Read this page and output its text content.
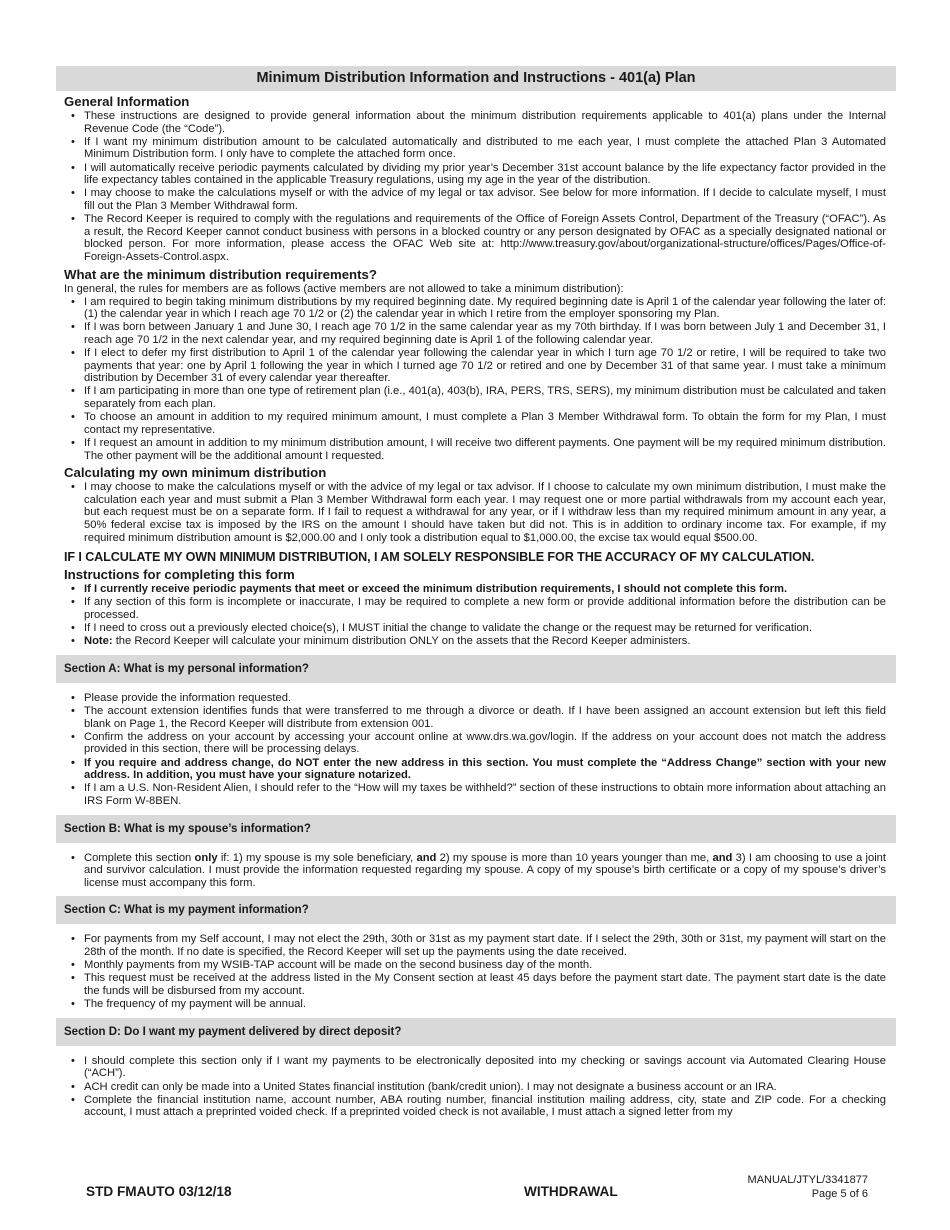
Minimum Distribution Information and Instructions - 401(a) Plan
General Information
• These instructions are designed to provide general information about the minimum distribution requirements applicable to 401(a) plans under the Internal Revenue Code (the “Code”).
• If I want my minimum distribution amount to be calculated automatically and distributed to me each year, I must complete the attached Plan 3 Automated Minimum Distribution form. I only have to complete the attached form once.
• I will automatically receive periodic payments calculated by dividing my prior year’s December 31st account balance by the life expectancy factor provided in the life expectancy tables contained in the applicable Treasury regulations, using my age in the year of the distribution.
• I may choose to make the calculations myself or with the advice of my legal or tax advisor. See below for more information. If I decide to calculate myself, I must fill out the Plan 3 Member Withdrawal form.
• The Record Keeper is required to comply with the regulations and requirements of the Office of Foreign Assets Control, Department of the Treasury (“OFAC”). As a result, the Record Keeper cannot conduct business with persons in a blocked country or any person designated by OFAC as a specially designated national or blocked person. For more information, please access the OFAC Web site at: http://www.treasury.gov/about/organizational-structure/offices/Pages/Office-of-Foreign-Assets-Control.aspx.
What are the minimum distribution requirements?

In general, the rules for members are as follows (active members are not allowed to take a minimum distribution):

• I am required to begin taking minimum distributions by my required beginning date. My required beginning date is April 1 of the calendar year following the later of: (1) the calendar year in which I reach age 70 1/2 or (2) the calendar year in which I retire from the employer sponsoring my Plan.
• If I was born between January 1 and June 30, I reach age 70 1/2 in the same calendar year as my 70th birthday. If I was born between July 1 and December 31, I reach age 70 1/2 in the next calendar year, and my required beginning date is April 1 of the following calendar year.
• If I elect to defer my first distribution to April 1 of the calendar year following the calendar year in which I turn age 70 1/2 or retire, I will be required to take two payments that year: one by April 1 following the year in which I turned age 70 1/2 or retired and one by December 31 of that same year. I must take a minimum distribution by December 31 of every calendar year thereafter.
• If I am participating in more than one type of retirement plan (i.e., 401(a), 403(b), IRA, PERS, TRS, SERS), my minimum distribution must be calculated and taken separately from each plan.
• To choose an amount in addition to my required minimum amount, I must complete a Plan 3 Member Withdrawal form. To obtain the form for my Plan, I must contact my representative.
• If I request an amount in addition to my minimum distribution amount, I will receive two different payments. One payment will be my required minimum distribution. The other payment will be the additional amount I requested.
Calculating my own minimum distribution
• I may choose to make the calculations myself or with the advice of my legal or tax advisor. If I choose to calculate my own minimum distribution, I must make the calculation each year and must submit a Plan 3 Member Withdrawal form each year. I may request one or more partial withdrawals from my account each year, but each request must be on a separate form. If I fail to request a withdrawal for any year, or if I withdraw less than my required minimum amount in any year, a 50% federal excise tax is imposed by the IRS on the amount I should have taken but did not. This is in addition to ordinary income tax. For example, if my required minimum distribution amount is $2,000.00 and I only took a distribution equal to $1,000.00, the excise tax would equal $500.00.
IF I CALCULATE MY OWN MINIMUM DISTRIBUTION, I AM SOLELY RESPONSIBLE FOR THE ACCURACY OF MY CALCULATION.
Instructions for completing this form
• If I currently receive periodic payments that meet or exceed the minimum distribution requirements, I should not complete this form.
• If any section of this form is incomplete or inaccurate, I may be required to complete a new form or provide additional information before the distribution can be processed.
• If I need to cross out a previously elected choice(s), I MUST initial the change to validate the change or the request may be returned for verification.
• Note: the Record Keeper will calculate your minimum distribution ONLY on the assets that the Record Keeper administers.
Section A: What is my personal information?
• Please provide the information requested.
• The account extension identifies funds that were transferred to me through a divorce or death. If I have been assigned an account extension but left this field blank on Page 1, the Record Keeper will distribute from extension 001.
• Confirm the address on your account by accessing your account online at www.drs.wa.gov/login. If the address on your account does not match the address provided in this section, there will be processing delays.
• If you require and address change, do NOT enter the new address in this section. You must complete the “Address Change” section with your new address. In addition, you must have your signature notarized.
• If I am a U.S. Non-Resident Alien, I should refer to the “How will my taxes be withheld?” section of these instructions to obtain more information about attaching an IRS Form W-8BEN.
Section B: What is my spouse’s information?
• Complete this section only if: 1) my spouse is my sole beneficiary, and 2) my spouse is more than 10 years younger than me, and 3) I am choosing to use a joint and survivor calculation. I must provide the information requested regarding my spouse. A copy of my spouse’s birth certificate or a copy of my spouse’s driver’s license must accompany this form.
Section C: What is my payment information?
• For payments from my Self account, I may not elect the 29th, 30th or 31st as my payment start date. If I select the 29th, 30th or 31st, my payment will start on the 28th of the month. If no date is specified, the Record Keeper will set up the payments using the date received.
• Monthly payments from my WSIB-TAP account will be made on the second business day of the month.
• This request must be received at the address listed in the My Consent section at least 45 days before the payment start date. The payment start date is the date the funds will be disbursed from my account.
• The frequency of my payment will be annual.
Section D: Do I want my payment delivered by direct deposit?
• I should complete this section only if I want my payments to be electronically deposited into my checking or savings account via Automated Clearing House (“ACH”).
• ACH credit can only be made into a United States financial institution (bank/credit union). I may not designate a business account or an IRA.
• Complete the financial institution name, account number, ABA routing number, financial institution mailing address, city, state and ZIP code. For a checking account, I must attach a preprinted voided check. If a preprinted voided check is not available, I must attach a signed letter from my
STD FMAUTO 03/12/18	WITHDRAWAL
MANUAL/JTYL/3341877
Page 5 of 6
